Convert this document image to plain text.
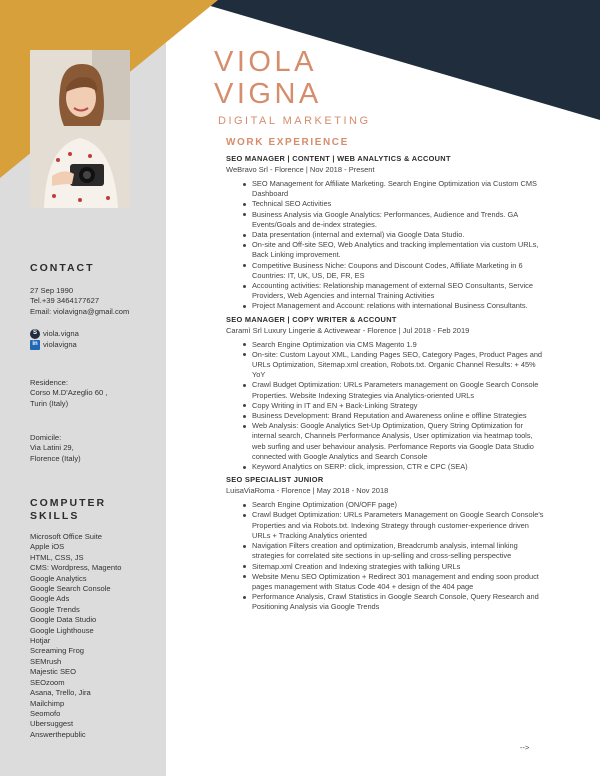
CONTACT
27 Sep 1990
Tel.+39 3464177627
Email: violavigna@gmail.com
S viola.vigna
in violavigna
Residence:
Corso M.D'Azeglio 60 ,
Turin (Italy)
Domicile:
Via Latini 29,
Florence (Italy)
COMPUTER
SKILLS
Microsoft Office Suite
Apple iOS
HTML, CSS, JS
CMS: Wordpress, Magento
Google Analytics
Google Search Console
Google Ads
Google Trends
Google Data Studio
Google Lighthouse
Hotjar
Screaming Frog
SEMrush
Majestic SEO
SEOzoom
Asana, Trello, Jira
Mailchimp
Seomofo
Ubersuggest
Answerthepublic
VIOLA
VIGNA
DIGITAL MARKETING
WORK EXPERIENCE
SEO MANAGER | CONTENT | WEB ANALYTICS & ACCOUNT
WeBravo Srl - Florence | Nov 2018 - Present
SEO Management for Affiliate Marketing. Search Engine Optimization via Custom CMS Dashboard
Technical SEO Activities
Business Analysis via Google Analytics: Performances, Audience and Trends. GA Events/Goals and de-index strategies.
Data presentation (internal and external) via Google Data Studio.
On-site and Off-site SEO, Web Analytics and tracking implementation via custom URLs, Back Linking improvement.
Competitive Business Niche: Coupons and Discount Codes, Affiliate Marketing in 6 Countries: IT, UK, US, DE, FR, ES
Accounting activities: Relationship management of external SEO Consultants, Service Providers, Web Agencies and internal Training Activities
Project Management and Account: relations with international Business Consultants.
SEO MANAGER | COPY WRITER & ACCOUNT
Caramì Srl Luxury Lingerie & Activewear - Florence | Jul 2018 - Feb 2019
Search Engine Optimization via CMS Magento 1.9
On-site: Custom Layout XML, Landing Pages SEO, Category Pages, Product Pages and URLs Optimization, Sitemap.xml creation, Robots.txt. Organic Channel Results: + 45% YoY
Crawl Budget Optimization: URLs Parameters management on Google Search Console Properties. Website Indexing Strategies via Analytics-oriented URLs
Copy Writing in IT and EN + Back-Linking Strategy
Business Development: Brand Reputation and Awareness online e offline Strategies
Web Analysis: Google Analytics Set-Up Optimization, Query String Optimization for internal search, Channels Performance Analysis, User optimization via heatmap tools, web surfing and user behaviour analysis. Perfomance Reports via Google Data Studio connected with Google Analytics and Search Console
Keyword Analytics on SERP: click, impression, CTR e CPC (SEA)
SEO SPECIALIST JUNIOR
LuisaViaRoma - Florence | May 2018 - Nov 2018
Search Engine Optimization (ON/OFF page)
Crawl Budget Optimization: URLs Parameters Management on Google Search Console's Properties and via Robots.txt. Indexing Strategy through customer-experience driven URLs + Tracking Analytics oriented
Navigation Filters creation and optimization, Breadcrumb analysis, internal linking strategies for correlated site sections in up-selling and cross-selling perspective
Sitemap.xml Creation and Indexing strategies with talking URLs
Website Menu SEO Optimization + Redirect 301 management and ending soon product pages management with Status Code 404 + design of the 404 page
Performance Analysis, Crawl Statistics in Google Search Console, Query Research and Positioning Analysis via Google Trends
-->
